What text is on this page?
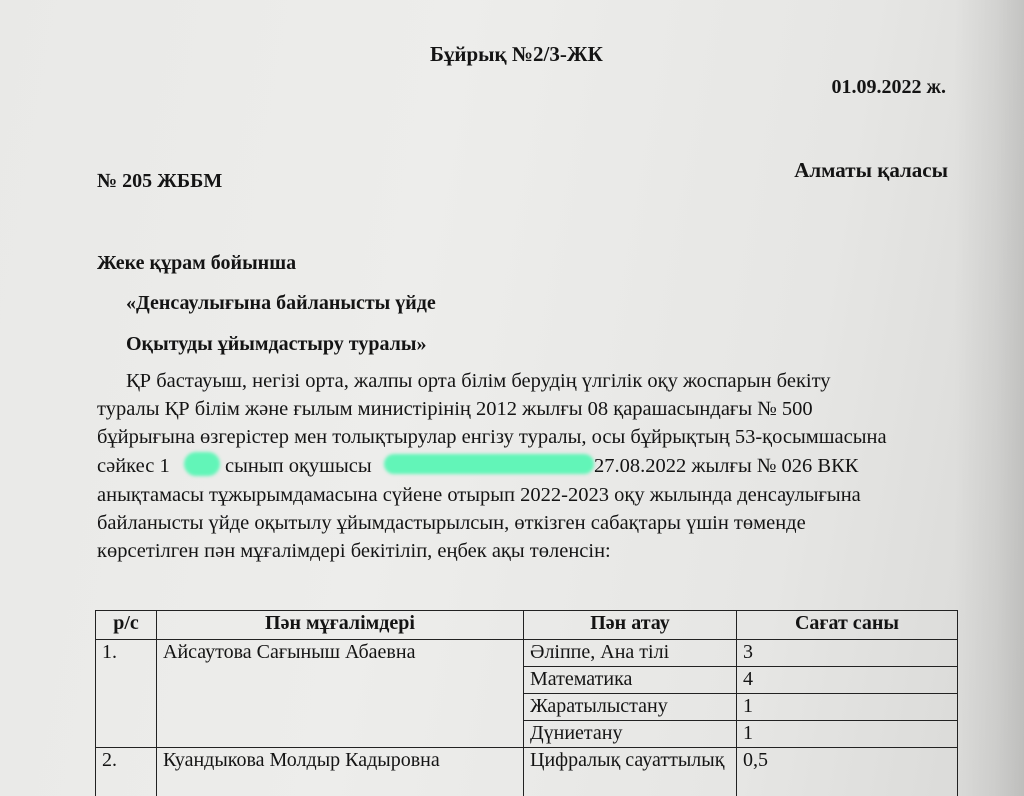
Бұйрық №2/3-ЖК
01.09.2022 ж.
№ 205 ЖББМ	Алматы қаласы
Жеке құрам бойынша
«Денсаулығына байланысты үйде
Оқытуды ұйымдастыру туралы»
ҚР бастауыш, негізі орта, жалпы орта білім берудің үлгілік оқу жоспарын бекіту
туралы ҚР білім және ғылым министірінің 2012 жылғы 08 қарашасындағы № 500
бұйрығына өзгерістер мен толықтырулар енгізу туралы, осы бұйрықтың 53-қосымшасына
сәйкес 1	сынып оқушысы	27.08.2022 жылғы № 026 ВКК
анықтамасы тұжырымдамасына сүйене отырып 2022-2023 оқу жылында денсаулығына
байланысты үйде оқытылу ұйымдастырылсын, өткізген сабақтары үшін төменде
көрсетілген пән мұғалімдері бекітіліп, еңбек ақы төленсін:
р/с	Пән мұғалімдері	Пән атау	Сағат саны
1.	Айсаутова Сағыныш Абаевна	Әліппе, Ана тілі	3
		Математика	4
		Жаратылыстану	1
		Дүниетану	1
2.	Куандыкова Молдыр Кадыровна	Цифралық сауаттылық	0,5
